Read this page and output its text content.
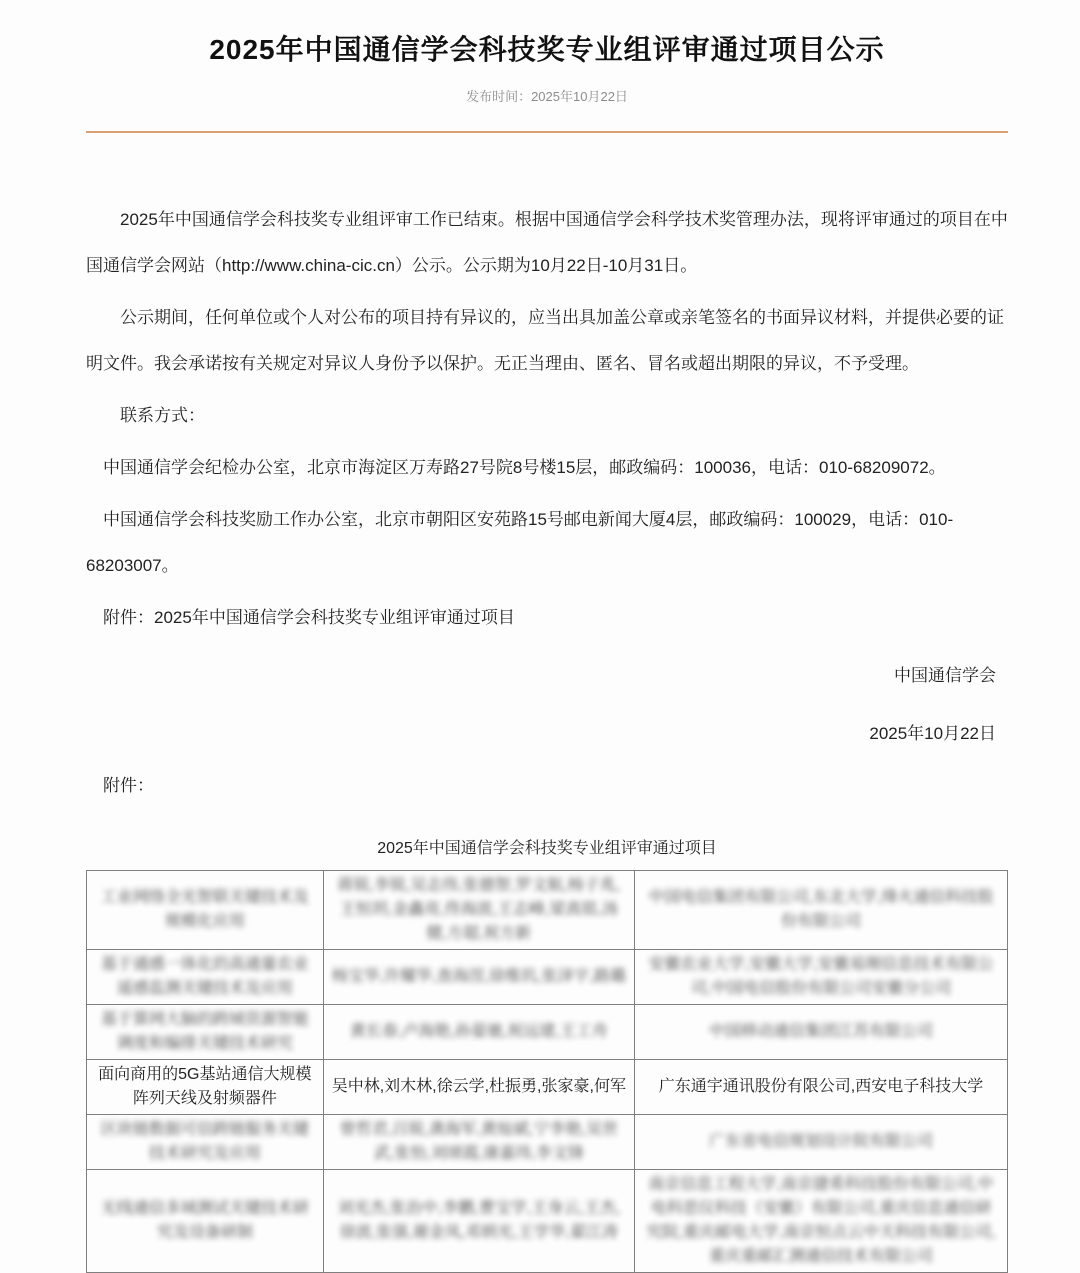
2025年中国通信学会科技奖专业组评审通过项目公示
发布时间：2025年10月22日

2025年中国通信学会科技奖专业组评审工作已结束。根据中国通信学会科学技术奖管理办法，现将评审通过的项目在中国通信学会网站（http://www.china-cic.cn）公示。公示期为10月22日-10月31日。

公示期间，任何单位或个人对公布的项目持有异议的，应当出具加盖公章或亲笔签名的书面异议材料，并提供必要的证明文件。我会承诺按有关规定对异议人身份予以保护。无正当理由、匿名、冒名或超出期限的异议，不予受理。

联系方式：

中国通信学会纪检办公室，北京市海淀区万寿路27号院8号楼15层，邮政编码：100036，电话：010-68209072。

中国通信学会科技奖励工作办公室，北京市朝阳区安苑路15号邮电新闻大厦4层，邮政编码：100029，电话：010-68203007。

附件：2025年中国通信学会科技奖专业组评审通过项目

中国通信学会

2025年10月22日

附件：

2025年中国通信学会科技奖专业组评审通过项目
工业网络全光智联关键技术及规模化应用	蒋锐,李锐,吴志伟,张德智,罗文航,杨子兆,王恒玥,金鑫亮,佟海波,王志峰,梁真铭,汤健,方超,祝方新	中国电信集团有限公司,东北大学,烽火通信科技股份有限公司
基于通感一体化的高通量农业遥感监测关键技术及应用	杨宝华,许耀华,查海涅,徐维玑,张泽宇,路璐	安徽农业大学,安徽大学,安徽易刚信息技术有限公司,中国电信股份有限公司安徽分公司
基于算网大脑的跨域资源智能调度和编排关键技术研究	黄长春,卢海艳,孙晏驰,祝远建,王工舟	中国移动通信集团江苏有限公司
面向商用的5G基站通信大规模阵列天线及射频器件	吴中林,刘木林,徐云学,杜振勇,张家豪,何军	广东通宇通讯股份有限公司,西安电子科技大学
区块链数据可信跨链服务关键技术研究及应用	曾哲君,吕锐,龚海军,黄灿斌,宁李艳,吴世武,张怡,刘颂霞,康嘉玮,李文锋	广东省电信规划设计院有限公司
无线通信多域测试关键技术研究及设备研制	刘光杰,张治中,李鹏,曹宝学,王身云,王杰,徐波,张强,谢金凤,邓炳光,王学华,翟江涛	南京信息工程大学,南京捷希科技股份有限公司,中电科思仪科技（安徽）有限公司,重庆信息通信研究院,重庆邮电大学,南京恒点云中天科技有限公司,重庆重邮汇测通信技术有限公司
